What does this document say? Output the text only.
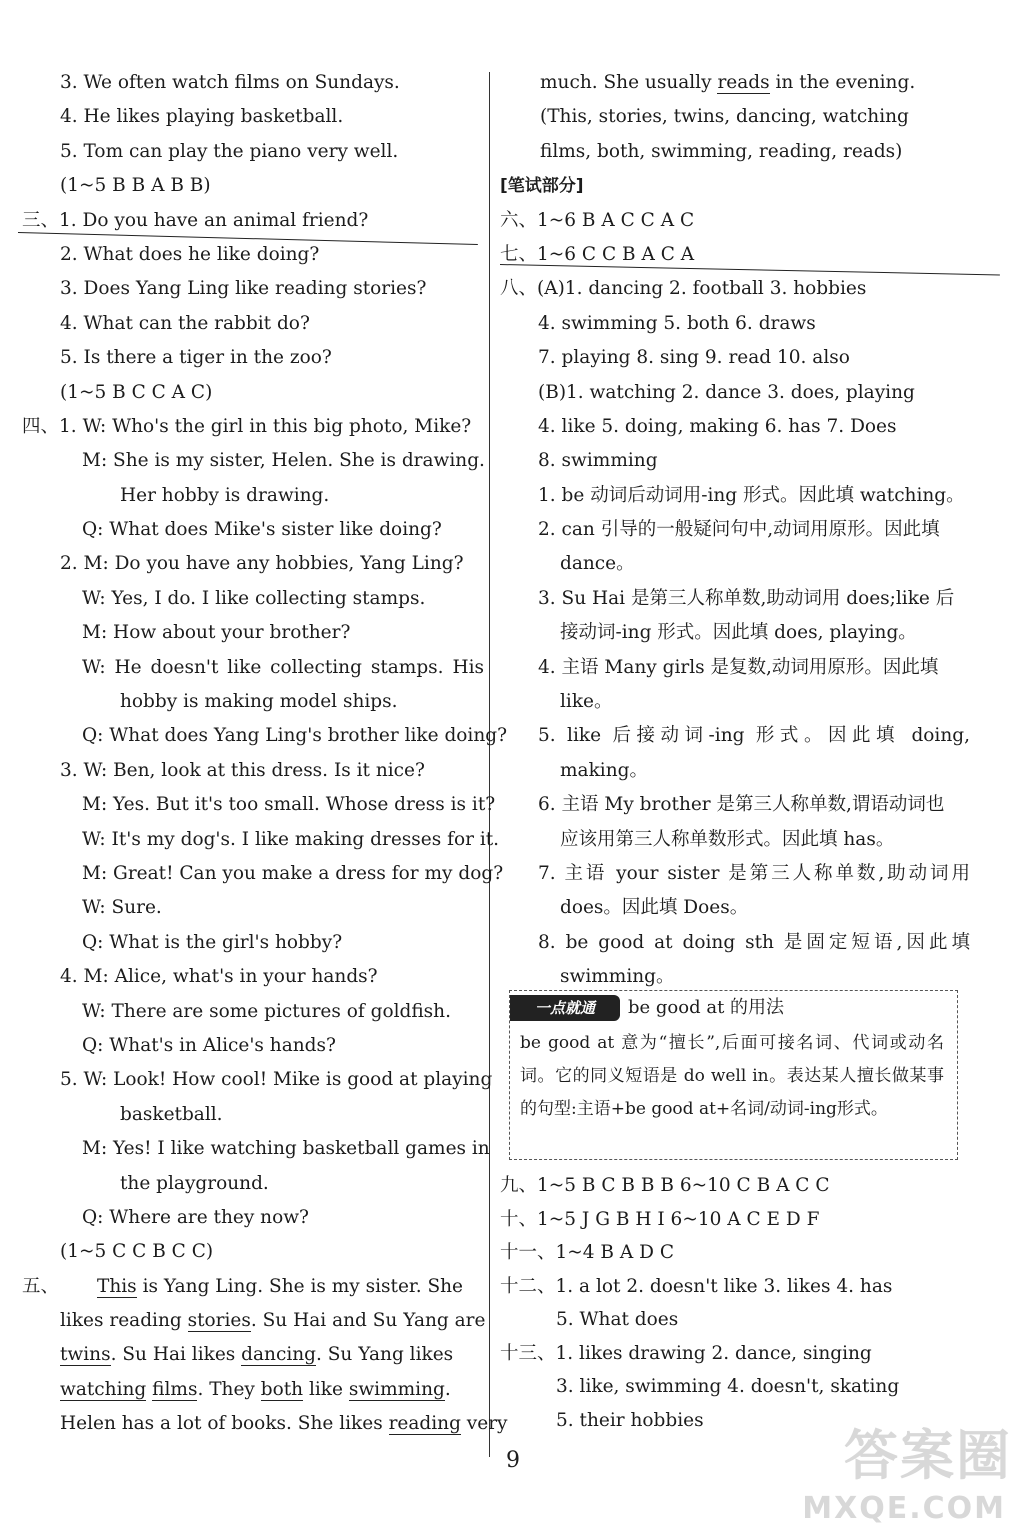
3. We often watch films on Sundays.
4. He likes playing basketball.
5. Tom can play the piano very well.
(1~5 B B A B B)
三、1. Do you have an animal friend?
2. What does he like doing?
3. Does Yang Ling like reading stories?
4. What can the rabbit do?
5. Is there a tiger in the zoo?
(1~5 B C C A C)
四、1. W: Who's the girl in this big photo, Mike?
M: She is my sister, Helen. She is drawing.
Her hobby is drawing.
Q: What does Mike's sister like doing?
2. M: Do you have any hobbies, Yang Ling?
W: Yes, I do. I like collecting stamps.
M: How about your brother?
W: He doesn't like collecting stamps. His
hobby is making model ships.
Q: What does Yang Ling's brother like doing?
3. W: Ben, look at this dress. Is it nice?
M: Yes. But it's too small. Whose dress is it?
W: It's my dog's. I like making dresses for it.
M: Great! Can you make a dress for my dog?
W: Sure.
Q: What is the girl's hobby?
4. M: Alice, what's in your hands?
W: There are some pictures of goldfish.
Q: What's in Alice's hands?
5. W: Look! How cool! Mike is good at playing
basketball.
M: Yes! I like watching basketball games in
the playground.
Q: Where are they now?
(1~5 C C B C C)
五、 This is Yang Ling. She is my sister. She
likes reading stories. Su Hai and Su Yang are
twins. Su Hai likes dancing. Su Yang likes
watching films. They both like swimming.
Helen has a lot of books. She likes reading very
much. She usually reads in the evening.
(This, stories, twins, dancing, watching
films, both, swimming, reading, reads)
[笔试部分]
六、1~6 B A C C A C
七、1~6 C C B A C A
八、(A)1. dancing 2. football 3. hobbies
4. swimming 5. both 6. draws
7. playing 8. sing 9. read 10. also
(B)1. watching 2. dance 3. does, playing
4. like 5. doing, making 6. has 7. Does
8. swimming
1. be 动词后动词用-ing 形式。因此填 watching。
2. can 引导的一般疑问句中,动词用原形。因此填
dance。
3. Su Hai 是第三人称单数,助动词用 does;like 后
接动词-ing 形式。因此填 does, playing。
4. 主语 Many girls 是复数,动词用原形。因此填
like。
5. like 后接动词-ing 形式。因此填 doing,
making。
6. 主语 My brother 是第三人称单数,谓语动词也
应该用第三人称单数形式。因此填 has。
7. 主语 your sister 是第三人称单数,助动词用
does。因此填 Does。
8. be good at doing sth 是固定短语,因此填
swimming。
一点就通	be good at 的用法
be good at 意为“擅长”,后面可接名词、代词或动名词。它的同义短语是 do well in。表达某人擅长做某事的句型:主语+be good at+名词/动词-ing形式。
九、1~5 B C B B B 6~10 C B A C C
十、1~5 J G B H I 6~10 A C E D F
十一、1~4 B A D C
十二、1. a lot 2. doesn't like 3. likes 4. has
5. What does
十三、1. likes drawing 2. dance, singing
3. like, swimming 4. doesn't, skating
5. their hobbies
9	答案圈
MXQE.COM
